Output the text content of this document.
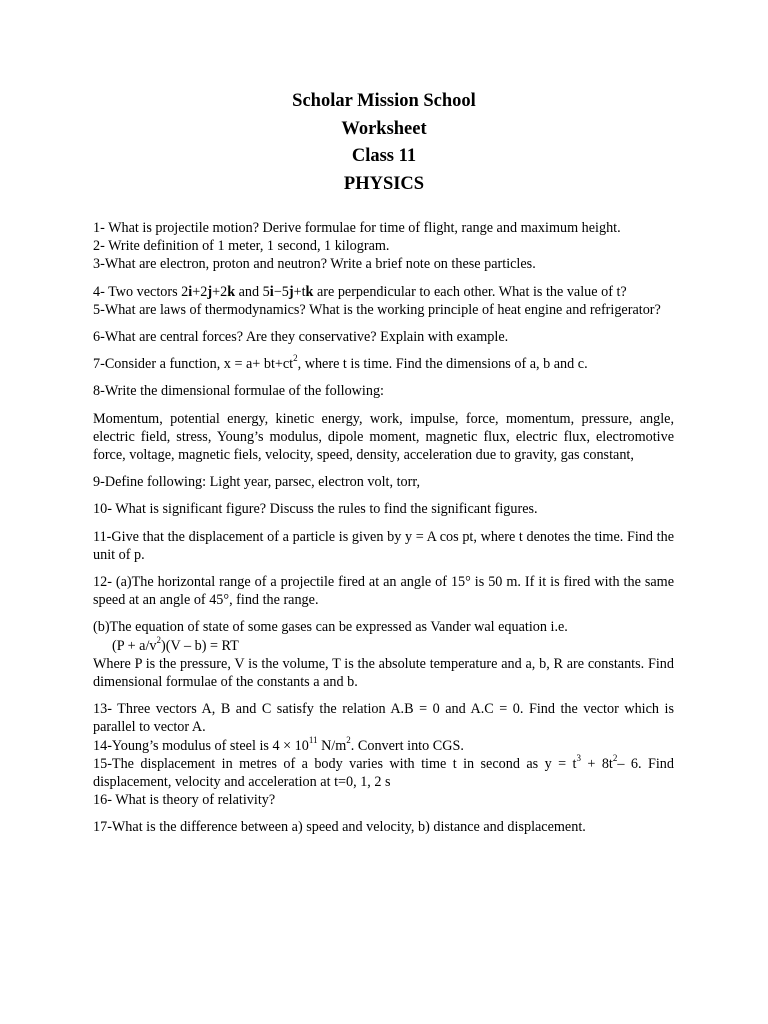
Scholar Mission School
Worksheet
Class 11
PHYSICS

1- What is projectile motion? Derive formulae for time of flight, range and maximum height.

2- Write definition of 1 meter, 1 second, 1 kilogram.

3-What are electron, proton and neutron? Write a brief note on these particles.

4- Two vectors 2i+2j+2k and 5i−5j+tk are perpendicular to each other. What is the value of t?

5-What are laws of thermodynamics? What is the working principle of heat engine and refrigerator?

6-What are central forces? Are they conservative? Explain with example.

7-Consider a function, $x = a+ bt+ct^2$, where t is time. Find the dimensions of a, b and c.

8-Write the dimensional formulae of the following:

Momentum, potential energy, kinetic energy, work, impulse, force, momentum, pressure, angle, electric field, stress, Young’s modulus, dipole moment, magnetic flux, electric flux, electromotive force, voltage, magnetic fiels, velocity, speed, density, acceleration due to gravity, gas constant,

9-Define following: Light year, parsec, electron volt, torr,

10- What is significant figure? Discuss the rules to find the significant figures.

11-Give that the displacement of a particle is given by y = A cos pt, where t denotes the time. Find the unit of p.

12- (a)The horizontal range of a projectile fired at an angle of 15° is 50 m. If it is fired with the same speed at an angle of 45°, find the range.

(b)The equation of state of some gases can be expressed as Vander wal equation i.e.

$(P + a/v^2)(V - b)$ = RT

Where P is the pressure, V is the volume, T is the absolute temperature and a, b, R are constants. Find dimensional formulae of the constants a and b.

13- Three vectors A, B and C satisfy the relation A.B = 0 and A.C = 0. Find the vector which is parallel to vector A.

14-Young’s modulus of steel is $4 \times 10^{11}$ $N/m^2$. Convert into CGS.

15-The displacement in metres of a body varies with time t in second as $y = t^3 + 8t^2-$ 6. Find displacement, velocity and acceleration at t=0, 1, 2 s

16- What is theory of relativity?

17-What is the difference between a) speed and velocity, b) distance and displacement.
